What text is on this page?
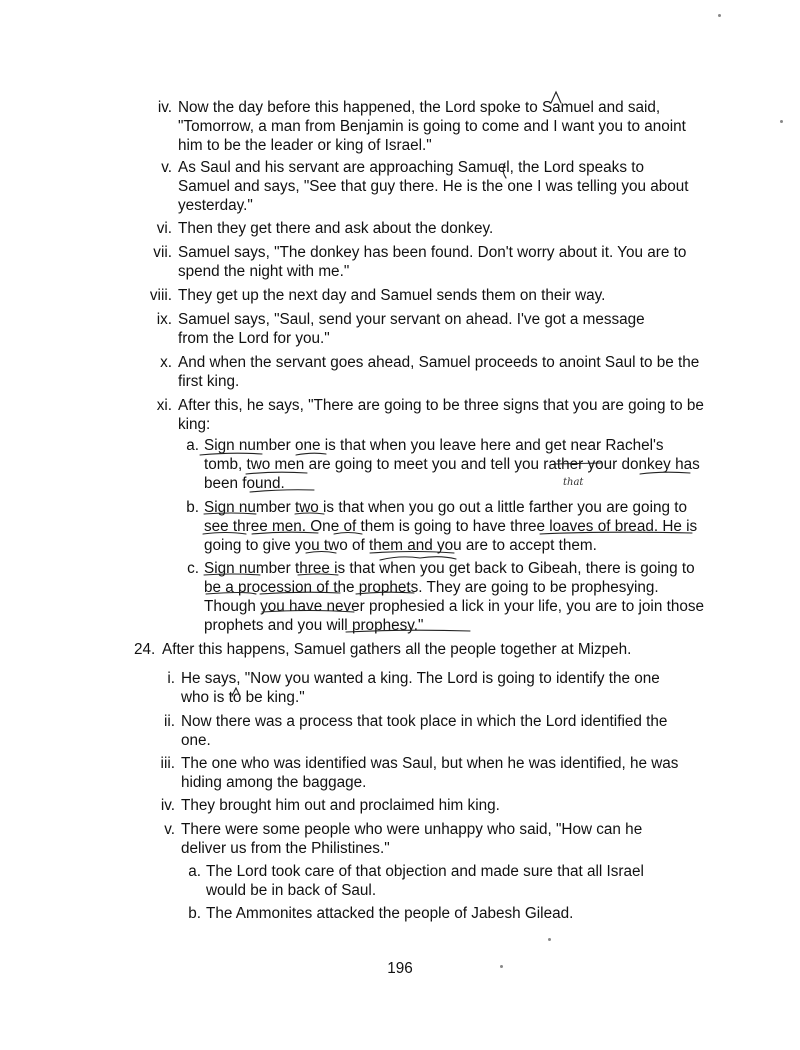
iv. Now the day before this happened, the Lord spoke to Samuel and said, "Tomorrow, a man from Benjamin is going to come and I want you to anoint him to be the leader or king of Israel."
v. As Saul and his servant are approaching Samuel, the Lord speaks to Samuel and says, "See that guy there. He is the one I was telling you about yesterday."
vi. Then they get there and ask about the donkey.
vii. Samuel says, "The donkey has been found. Don't worry about it. You are to spend the night with me."
viii. They get up the next day and Samuel sends them on their way.
ix. Samuel says, "Saul, send your servant on ahead. I've got a message from the Lord for you."
x. And when the servant goes ahead, Samuel proceeds to anoint Saul to be the first king.
xi. After this, he says, "There are going to be three signs that you are going to be king:
a. Sign number one is that when you leave here and get near Rachel's tomb, two men are going to meet you and tell you rather your donkey has been found.
b. Sign number two is that when you go out a little farther you are going to see three men. One of them is going to have three loaves of bread. He is going to give you two of them and you are to accept them.
c. Sign number three is that when you get back to Gibeah, there is going to be a procession of the prophets. They are going to be prophesying. Though you have never prophesied a lick in your life, you are to join those prophets and you will prophesy."
24. After this happens, Samuel gathers all the people together at Mizpeh.
i. He says, "Now you wanted a king. The Lord is going to identify the one who is to be king."
ii. Now there was a process that took place in which the Lord identified the one.
iii. The one who was identified was Saul, but when he was identified, he was hiding among the baggage.
iv. They brought him out and proclaimed him king.
v. There were some people who were unhappy who said, "How can he deliver us from the Philistines."
a. The Lord took care of that objection and made sure that all Israel would be in back of Saul.
b. The Ammonites attacked the people of Jabesh Gilead.
196
that
